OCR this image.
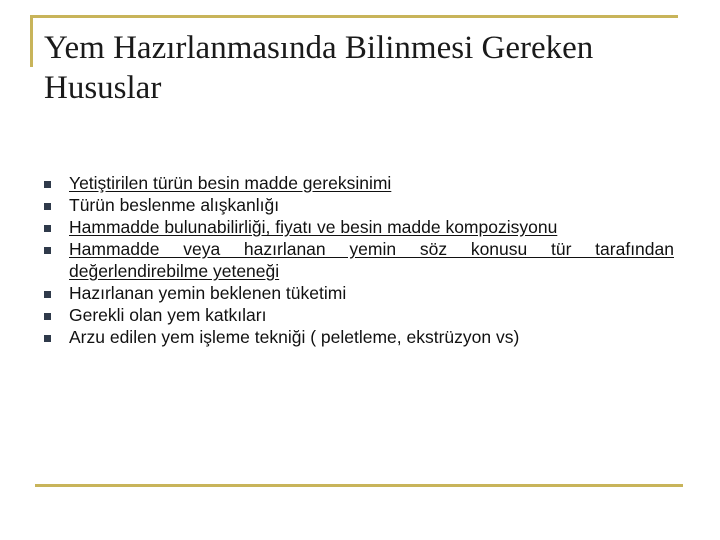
Yem Hazırlanmasında Bilinmesi Gereken Hususlar
Yetiştirilen türün besin madde gereksinimi
Türün beslenme alışkanlığı
Hammadde bulunabilirliği, fiyatı ve besin madde kompozisyonu
Hammadde veya hazırlanan yemin söz konusu tür tarafından değerlendirebilme yeteneği
Hazırlanan yemin beklenen tüketimi
Gerekli olan yem katkıları
Arzu edilen yem işleme tekniği ( peletleme, ekstrüzyon vs)
